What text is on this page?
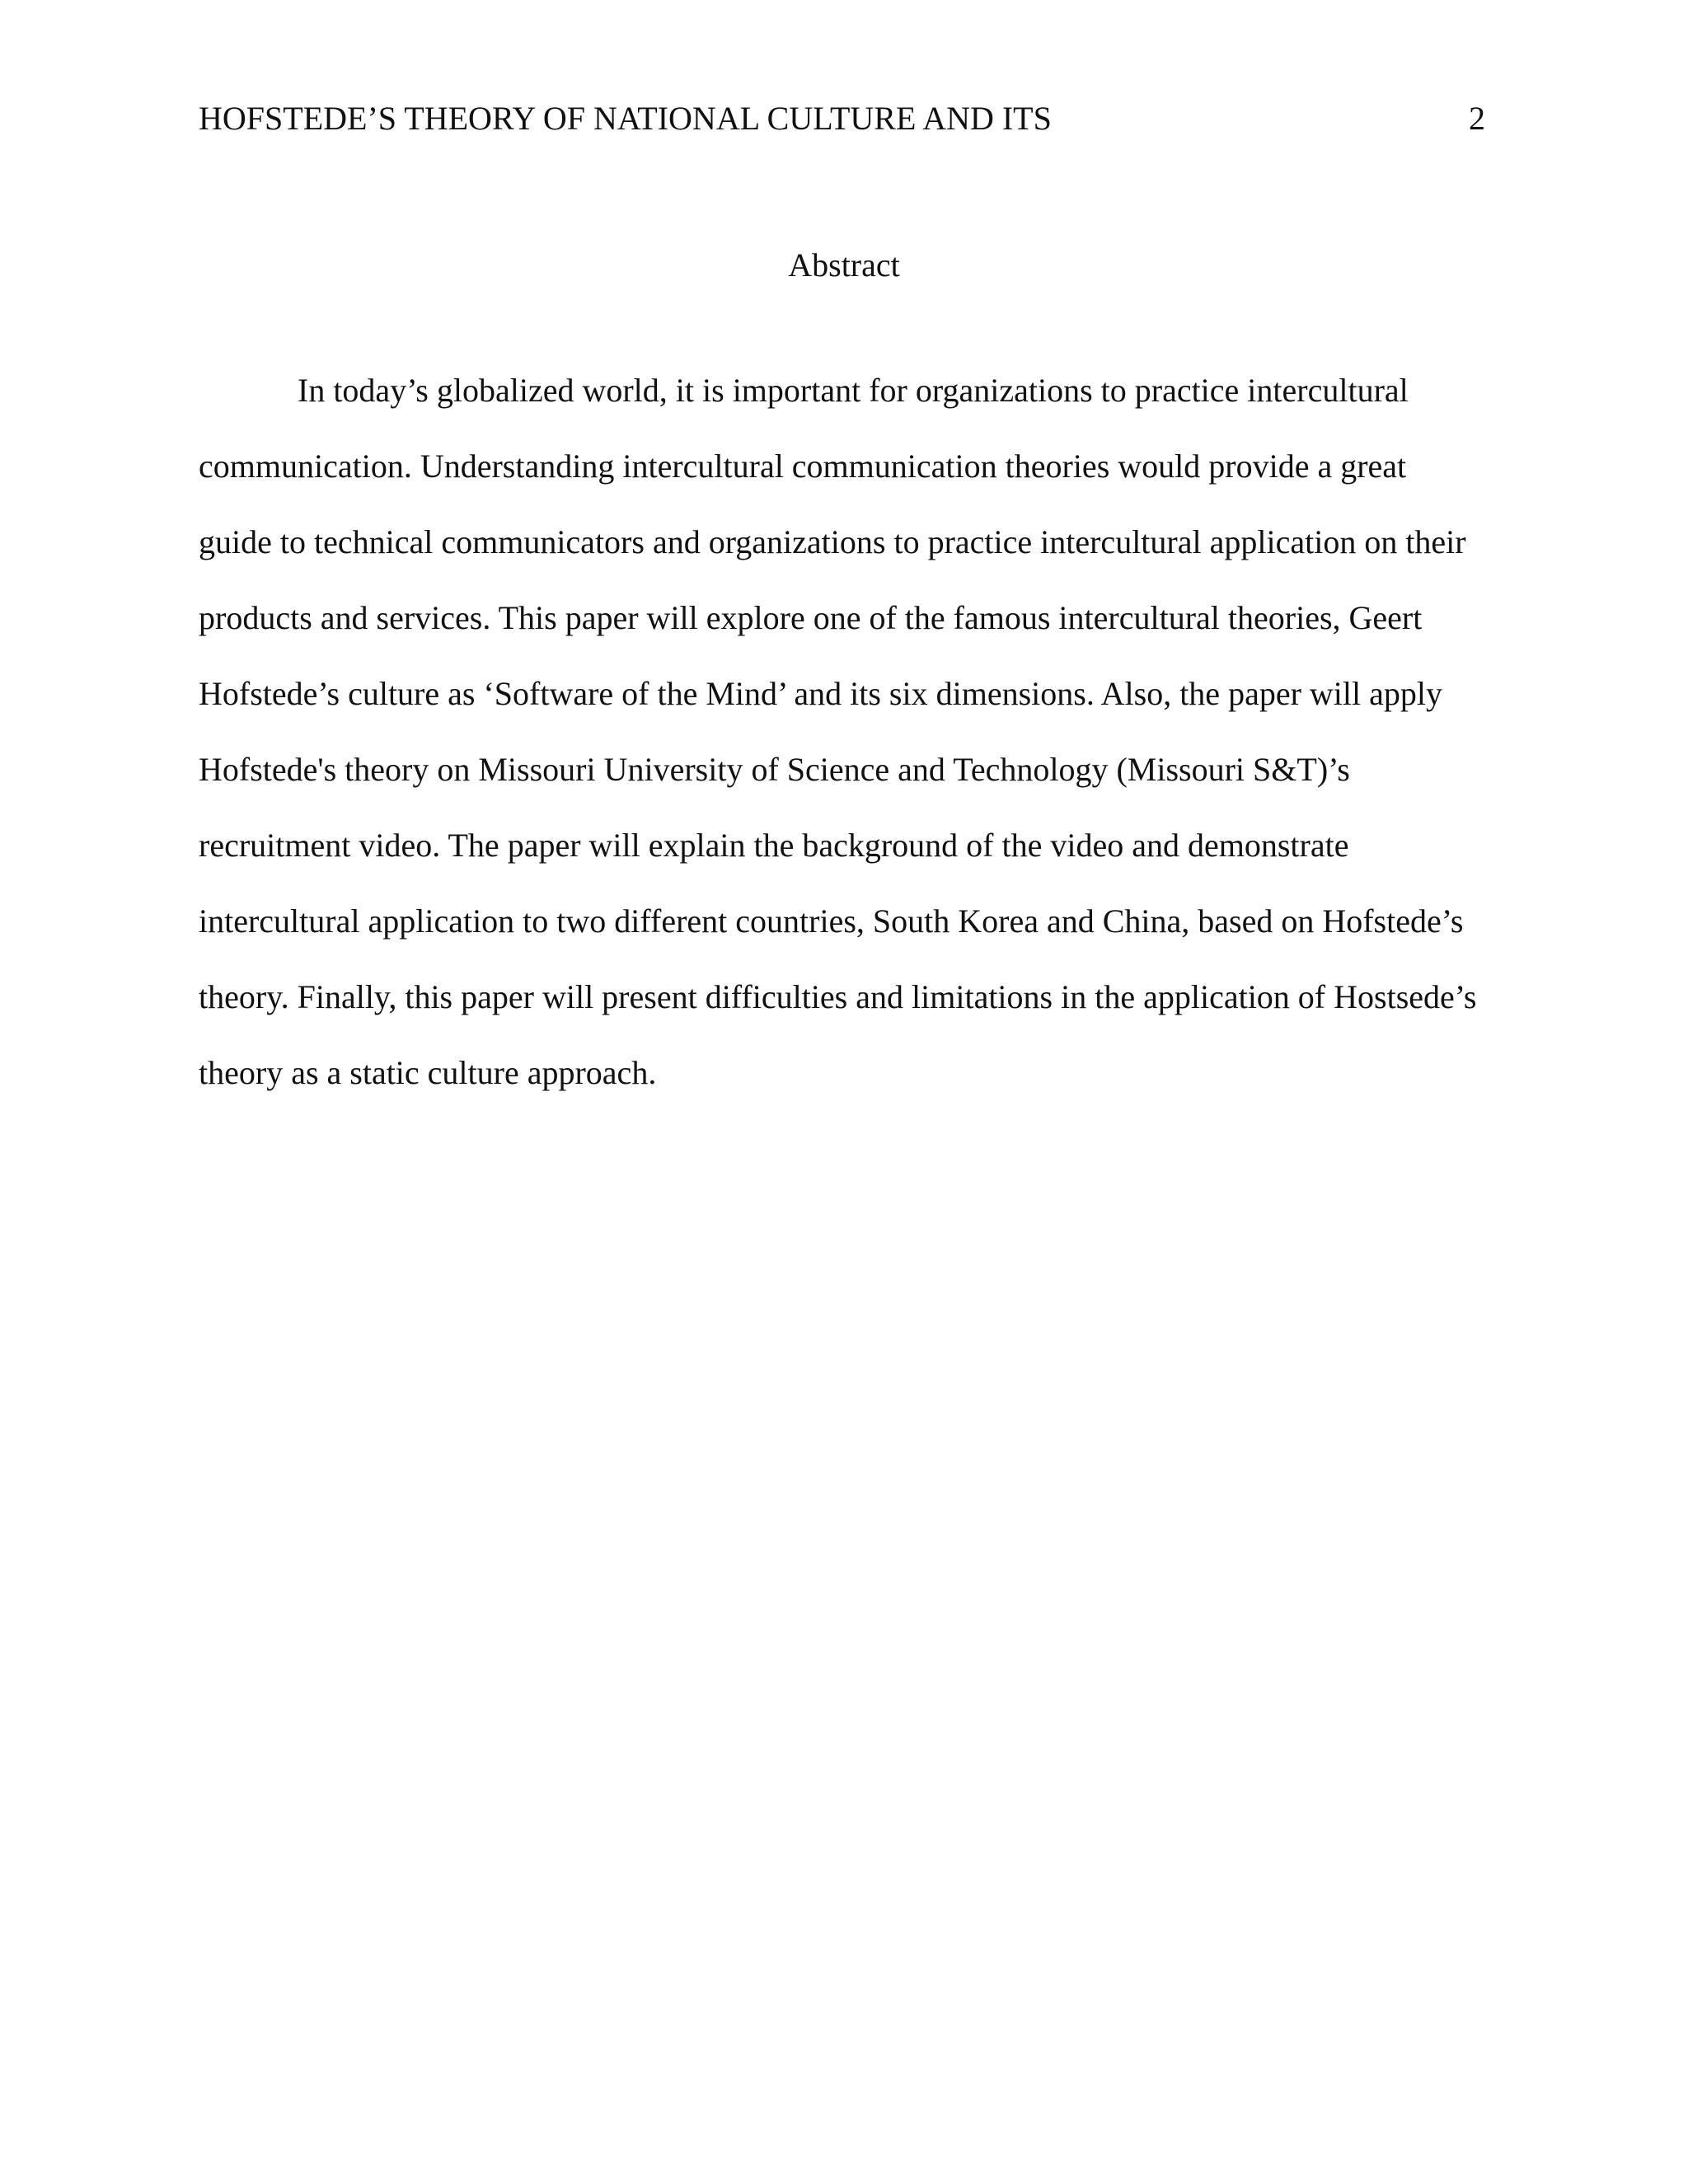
HOFSTEDE’S THEORY OF NATIONAL CULTURE AND ITS	2
Abstract

In today’s globalized world, it is important for organizations to practice intercultural
communication. Understanding intercultural communication theories would provide a great
guide to technical communicators and organizations to practice intercultural application on their
products and services. This paper will explore one of the famous intercultural theories, Geert
Hofstede’s culture as ‘Software of the Mind’ and its six dimensions. Also, the paper will apply
Hofstede's theory on Missouri University of Science and Technology (Missouri S&T)’s
recruitment video. The paper will explain the background of the video and demonstrate
intercultural application to two different countries, South Korea and China, based on Hofstede’s
theory. Finally, this paper will present difficulties and limitations in the application of Hostsede’s
theory as a static culture approach.
